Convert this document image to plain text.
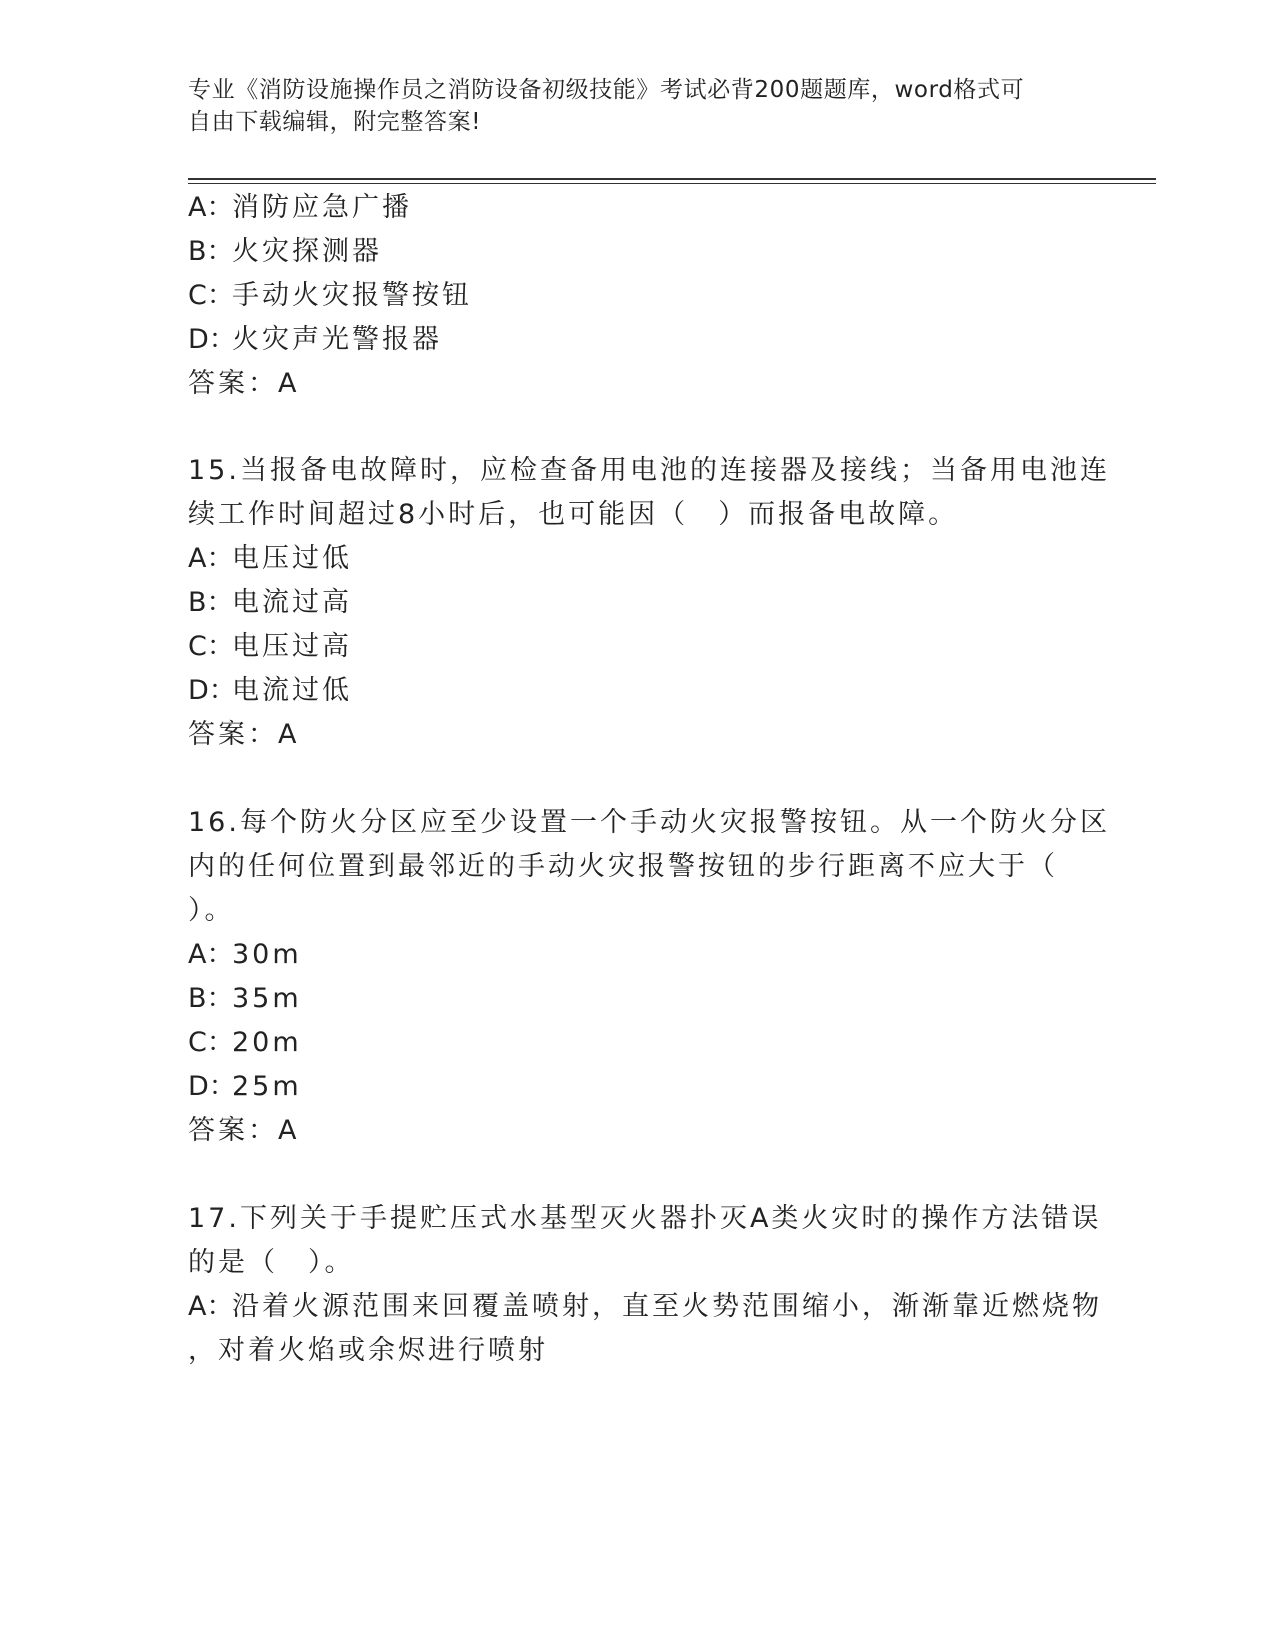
专业《消防设施操作员之消防设备初级技能》考试必背200题题库，word格式可
自由下载编辑，附完整答案!
A：消防应急广播
B：火灾探测器
C：手动火灾报警按钮
D：火灾声光警报器
答案：A
15.当报备电故障时，应检查备用电池的连接器及接线；当备用电池连
续工作时间超过8小时后，也可能因（　）而报备电故障。
A：电压过低
B：电流过高
C：电压过高
D：电流过低
答案：A
16.每个防火分区应至少设置一个手动火灾报警按钮。从一个防火分区
内的任何位置到最邻近的手动火灾报警按钮的步行距离不应大于（
）。
A：30m
B：35m
C：20m
D：25m
答案：A
17.下列关于手提贮压式水基型灭火器扑灭A类火灾时的操作方法错误
的是（　）。
A：沿着火源范围来回覆盖喷射，直至火势范围缩小，渐渐靠近燃烧物
，对着火焰或余烬进行喷射
